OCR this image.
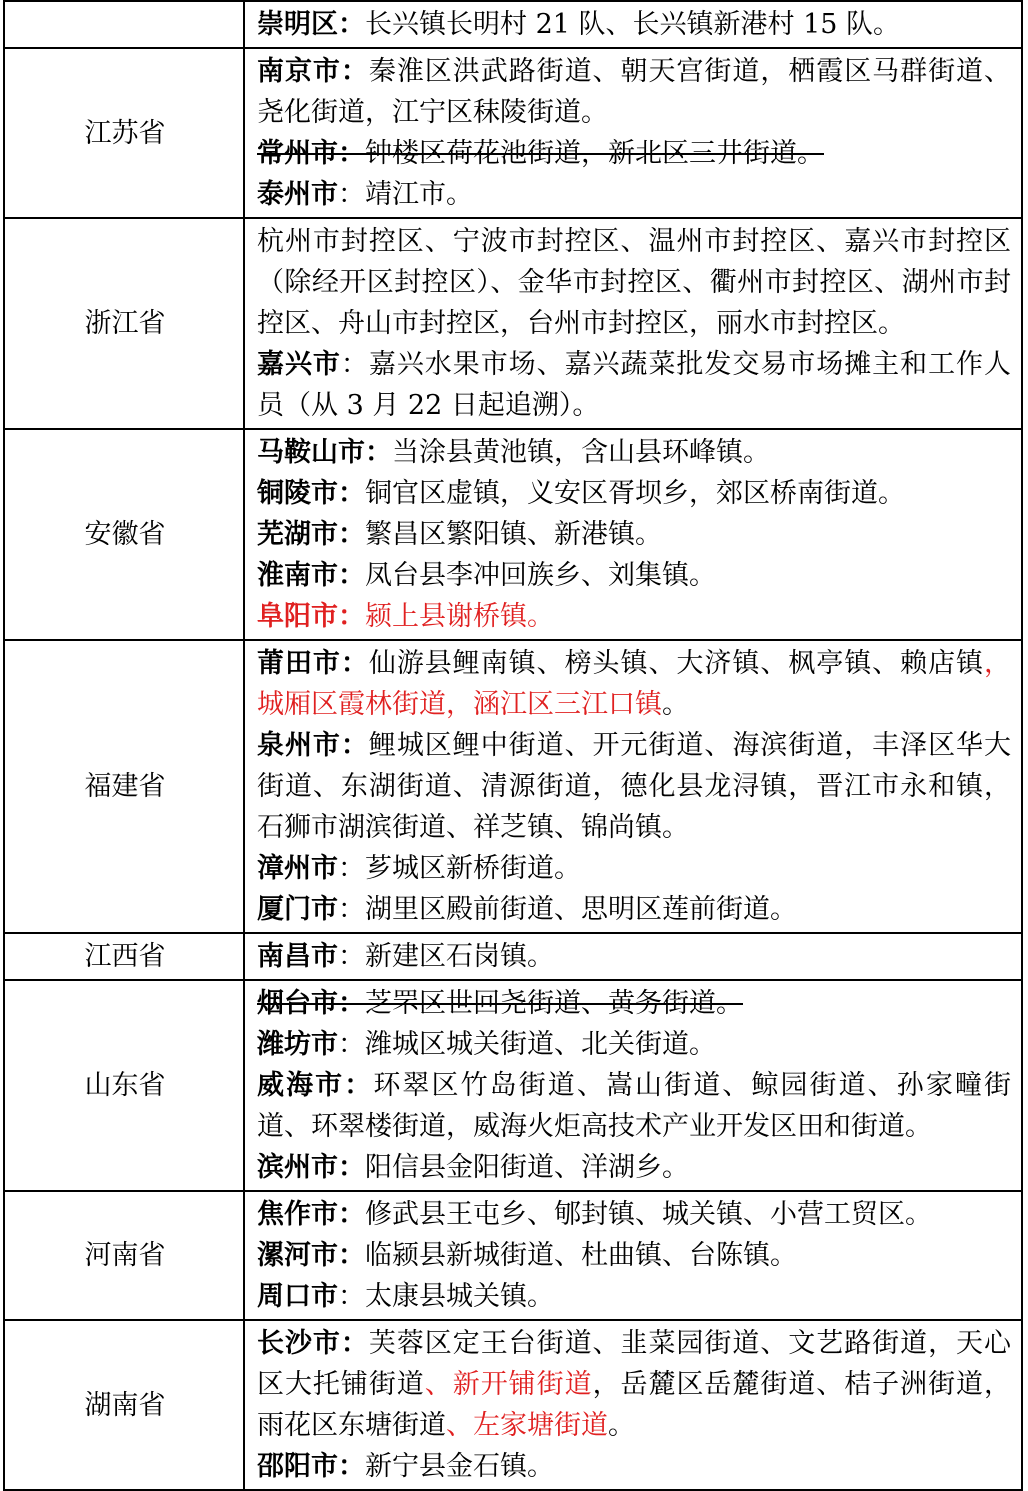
	崇明区：长兴镇长明村 21 队、长兴镇新港村 15 队。

江苏省	南京市：秦淮区洪武路街道、朝天宫街道，栖霞区马群街道、尧化街道，江宁区秣陵街道。
常州市：钟楼区荷花池街道，新北区三井街道。
泰州市：靖江市。

浙江省	杭州市封控区、宁波市封控区、温州市封控区、嘉兴市封控区（除经开区封控区）、金华市封控区、衢州市封控区、湖州市封控区、舟山市封控区，台州市封控区，丽水市封控区。
嘉兴市：嘉兴水果市场、嘉兴蔬菜批发交易市场摊主和工作人员（从 3 月 22 日起追溯）。

安徽省	马鞍山市：当涂县黄池镇，含山县环峰镇。
铜陵市：铜官区虚镇，义安区胥坝乡，郊区桥南街道。
芜湖市：繁昌区繁阳镇、新港镇。
淮南市：凤台县李冲回族乡、刘集镇。
阜阳市：颍上县谢桥镇。

福建省	莆田市：仙游县鲤南镇、榜头镇、大济镇、枫亭镇、赖店镇，城厢区霞林街道，涵江区三江口镇。
泉州市：鲤城区鲤中街道、开元街道、海滨街道，丰泽区华大街道、东湖街道、清源街道，德化县龙浔镇，晋江市永和镇，石狮市湖滨街道、祥芝镇、锦尚镇。
漳州市：芗城区新桥街道。
厦门市：湖里区殿前街道、思明区莲前街道。

江西省	南昌市：新建区石岗镇。

山东省	烟台市：芝罘区世回尧街道、黄务街道。
潍坊市：潍城区城关街道、北关街道。
威海市：环翠区竹岛街道、嵩山街道、鲸园街道、孙家疃街道、环翠楼街道，威海火炬高技术产业开发区田和街道。
滨州市：阳信县金阳街道、洋湖乡。

河南省	焦作市：修武县王屯乡、郇封镇、城关镇、小营工贸区。
漯河市：临颍县新城街道、杜曲镇、台陈镇。
周口市：太康县城关镇。

湖南省	长沙市：芙蓉区定王台街道、韭菜园街道、文艺路街道，天心区大托铺街道、新开铺街道，岳麓区岳麓街道、桔子洲街道，雨花区东塘街道、左家塘街道。
邵阳市：新宁县金石镇。
